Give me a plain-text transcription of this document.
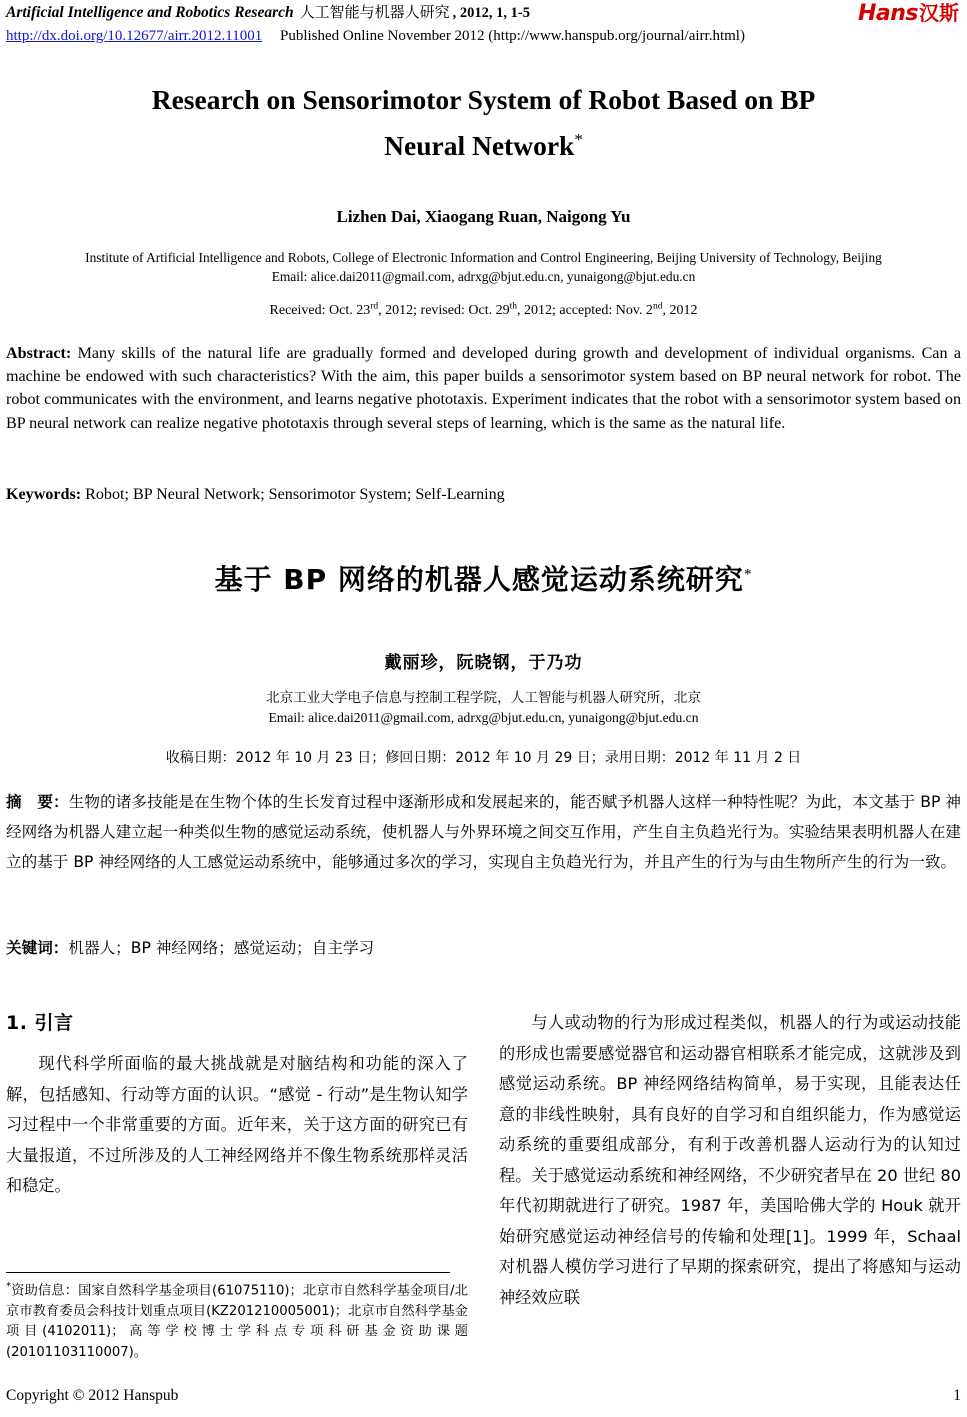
Artificial Intelligence and Robotics Research 人工智能与机器人研究 , 2012, 1, 1-5	Hans汉斯
http://dx.doi.org/10.12677/airr.2012.11001 Published Online November 2012 (http://www.hanspub.org/journal/airr.html)
Research on Sensorimotor System of Robot Based on BP
Neural Network*
Lizhen Dai, Xiaogang Ruan, Naigong Yu
Institute of Artificial Intelligence and Robots, College of Electronic Information and Control Engineering, Beijing University of Technology, Beijing
Email: alice.dai2011@gmail.com, adrxg@bjut.edu.cn, yunaigong@bjut.edu.cn
Received: Oct. 23rd, 2012; revised: Oct. 29th, 2012; accepted: Nov. 2nd, 2012
Abstract: Many skills of the natural life are gradually formed and developed during growth and development of individual organisms. Can a machine be endowed with such characteristics? With the aim, this paper builds a sensorimotor system based on BP neural network for robot. The robot communicates with the environment, and learns negative phototaxis. Experiment indicates that the robot with a sensorimotor system based on BP neural network can realize negative phototaxis through several steps of learning, which is the same as the natural life.
Keywords: Robot; BP Neural Network; Sensorimotor System; Self-Learning
基于 BP 网络的机器人感觉运动系统研究*
戴丽珍，阮晓钢，于乃功
北京工业大学电子信息与控制工程学院，人工智能与机器人研究所，北京
Email: alice.dai2011@gmail.com, adrxg@bjut.edu.cn, yunaigong@bjut.edu.cn
收稿日期：2012 年 10 月 23 日；修回日期：2012 年 10 月 29 日；录用日期：2012 年 11 月 2 日
摘　要：生物的诸多技能是在生物个体的生长发育过程中逐渐形成和发展起来的，能否赋予机器人这样一种特性呢？为此，本文基于 BP 神经网络为机器人建立起一种类似生物的感觉运动系统，使机器人与外界环境之间交互作用，产生自主负趋光行为。实验结果表明机器人在建立的基于 BP 神经网络的人工感觉运动系统中，能够通过多次的学习，实现自主负趋光行为，并且产生的行为与由生物所产生的行为一致。
关键词：机器人；BP 神经网络；感觉运动；自主学习
1. 引言

现代科学所面临的最大挑战就是对脑结构和功能的深入了解，包括感知、行动等方面的认识。“感觉 - 行动”是生物认知学习过程中一个非常重要的方面。近年来，关于这方面的研究已有大量报道，不过所涉及的人工神经网络并不像生物系统那样灵活和稳定。

与人或动物的行为形成过程类似，机器人的行为或运动技能的形成也需要感觉器官和运动器官相联系才能完成，这就涉及到感觉运动系统。BP 神经网络结构简单，易于实现，且能表达任意的非线性映射，具有良好的自学习和自组织能力，作为感觉运动系统的重要组成部分，有利于改善机器人运动行为的认知过程。关于感觉运动系统和神经网络，不少研究者早在 20 世纪 80 年代初期就进行了研究。1987 年，美国哈佛大学的 Houk 就开始研究感觉运动神经信号的传输和处理[1]。1999 年，Schaal 对机器人模仿学习进行了早期的探索研究，提出了将感知与运动神经效应联

*资助信息：国家自然科学基金项目(61075110)；北京市自然科学基金项目/北京市教育委员会科技计划重点项目(KZ201210005001)；北京市自然科学基金项目(4102011)；高等学校博士学科点专项科研基金资助课题(20101103110007)。

Copyright © 2012 Hanspub	1
